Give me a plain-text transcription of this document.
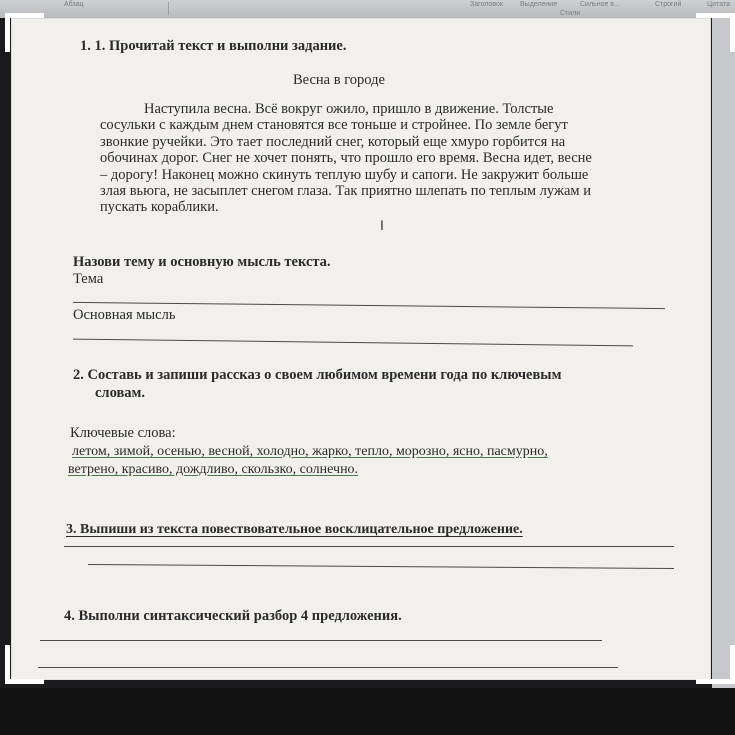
Абзац	Заголовок Выделение	Сильное в...	Строгий	Цитата
Стили

1. 1. Прочитай текст и выполни задание.

Весна в городе

Наступила весна. Всё вокруг ожило, пришло в движение. Толстые
сосульки с каждым днем становятся все тоньше и стройнее. По земле бегут
звонкие ручейки. Это тает последний снег, который еще хмуро горбится на
обочинах дорог. Снег не хочет понять, что прошло его время. Весна идет, весне
– дорогу! Наконец можно скинуть теплую шубу и сапоги. Не закружит больше
злая вьюга, не засыплет снегом глаза. Так приятно шлепать по теплым лужам и
пускать кораблики.
I

Назови тему и основную мысль текста.

Тема

Основная мысль

2. Составь и запиши рассказ о своем любимом времени года по ключевым

словам.

Ключевые слова:

летом, зимой, осенью, весной, холодно, жарко, тепло, морозно, ясно, пасмурно,

ветрено, красиво, дождливо, скользко, солнечно.

3. Выпиши из текста повествовательное восклицательное предложение.

4. Выполни синтаксический разбор 4 предложения.
